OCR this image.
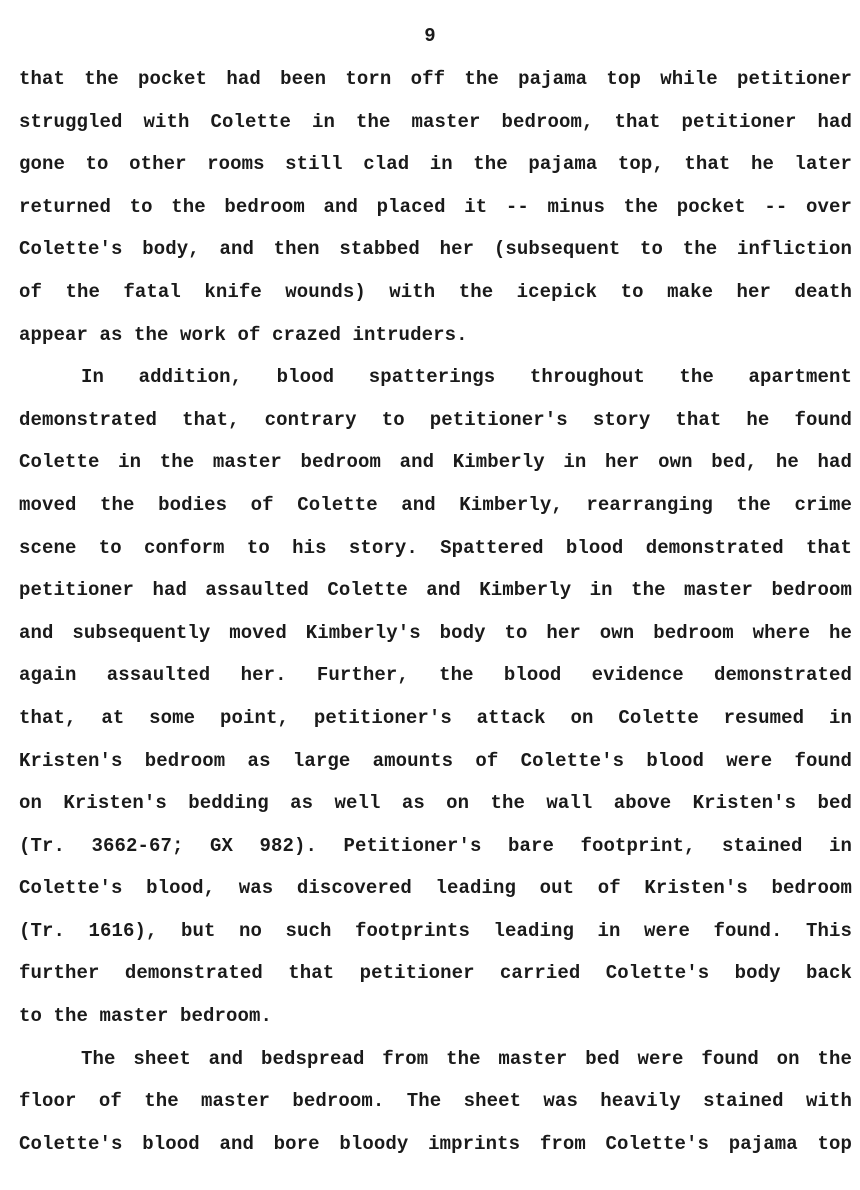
9
that the pocket had been torn off the pajama top while petitioner
struggled with Colette in the master bedroom, that petitioner had
gone to other rooms still clad in the pajama top, that he later
returned to the bedroom and placed it -- minus the pocket -- over
Colette's body, and then stabbed her (subsequent to the infliction
of the fatal knife wounds) with the icepick to make her death
appear as the work of crazed intruders.
In addition, blood spatterings throughout the apartment
demonstrated that, contrary to petitioner's story that he found
Colette in the master bedroom and Kimberly in her own bed, he had
moved the bodies of Colette and Kimberly, rearranging the crime
scene to conform to his story. Spattered blood demonstrated that
petitioner had assaulted Colette and Kimberly in the master bedroom
and subsequently moved Kimberly's body to her own bedroom where he
again assaulted her. Further, the blood evidence demonstrated
that, at some point, petitioner's attack on Colette resumed in
Kristen's bedroom as large amounts of Colette's blood were found
on Kristen's bedding as well as on the wall above Kristen's bed
(Tr. 3662-67; GX 982). Petitioner's bare footprint, stained in
Colette's blood, was discovered leading out of Kristen's bedroom
(Tr. 1616), but no such footprints leading in were found. This
further demonstrated that petitioner carried Colette's body back
to the master bedroom.
The sheet and bedspread from the master bed were found on the
floor of the master bedroom. The sheet was heavily stained with
Colette's blood and bore bloody imprints from Colette's pajama top
